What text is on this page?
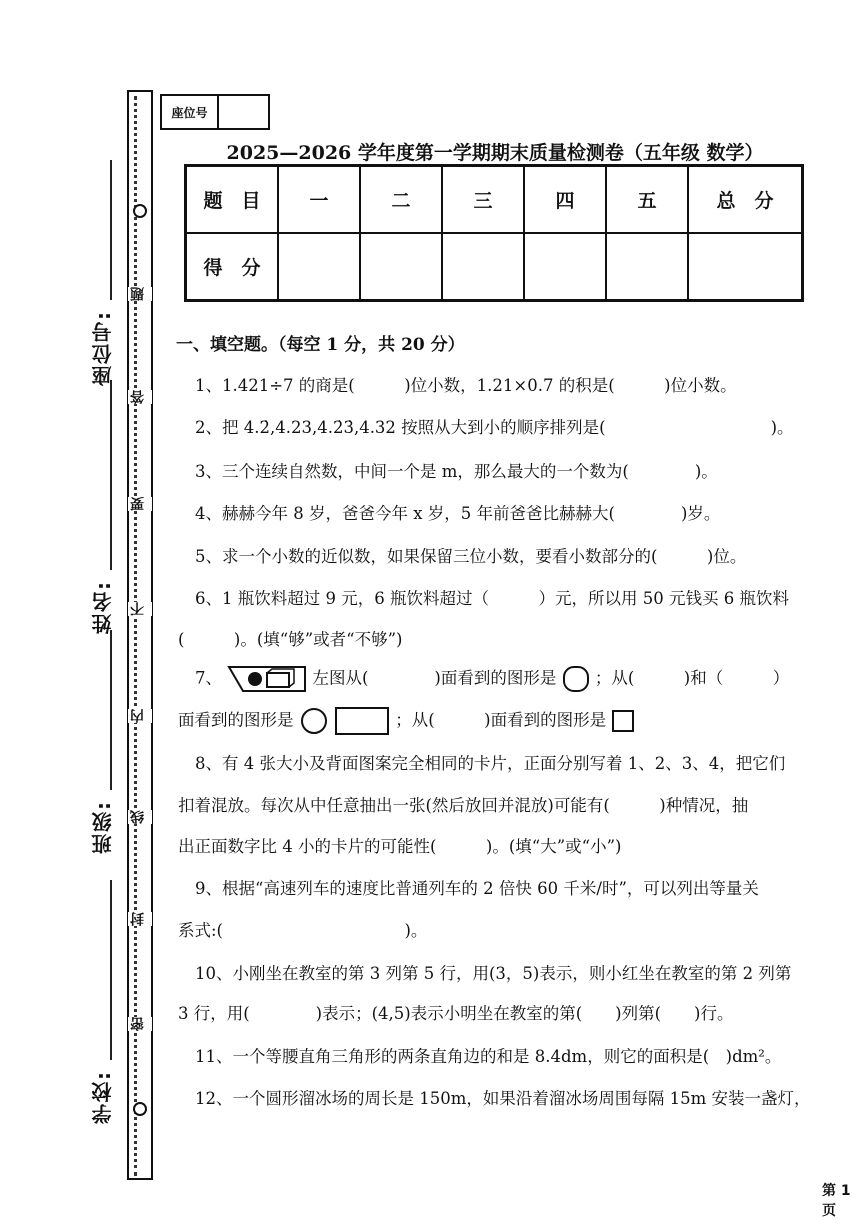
座位号:
姓名:
班级:
学校:
题
答
要
不
内
线
封
密
座位号
2025—2026 学年度第一学期期末质量检测卷（五年级 数学）
题　目	一	二	三	四	五	总　分
得　分						
一、填空题。（每空 1 分，共 20 分）
1、1.421÷7 的商是(　　　)位小数，1.21×0.7 的积是(　　　)位小数。
2、把 4.2̇,4.23,4.2̇3̇,4.32 按照从大到小的顺序排列是(　　　　　　　　　　)。
3、三个连续自然数，中间一个是 m，那么最大的一个数为(　　　　)。
4、赫赫今年 8 岁，爸爸今年 x 岁，5 年前爸爸比赫赫大(　　　　)岁。
5、求一个小数的近似数，如果保留三位小数，要看小数部分的(　　　)位。
6、1 瓶饮料超过 9 元，6 瓶饮料超过（　　　）元，所以用 50 元钱买 6 瓶饮料
(　　　)。(填“够”或者“不够”)
7、	左图从(　　　　)面看到的图形是 ；从(　　　)和（　　　）
面看到的图形是	；从(　　　)面看到的图形是
8、有 4 张大小及背面图案完全相同的卡片，正面分别写着 1、2、3、4，把它们
扣着混放。每次从中任意抽出一张(然后放回并混放)可能有(　　　)种情况，抽
出正面数字比 4 小的卡片的可能性(　　　)。(填“大”或“小”)
9、根据“高速列车的速度比普通列车的 2 倍快 60 千米/时”，可以列出等量关
系式:(　　　　　　　　　　　)。
10、小刚坐在教室的第 3 列第 5 行，用(3，5)表示，则小红坐在教室的第 2 列第
3 行，用(　　　　)表示；(4,5)表示小明坐在教室的第(　　)列第(　　)行。
11、一个等腰直角三角形的两条直角边的和是 8.4dm，则它的面积是(　)dm²。
12、一个圆形溜冰场的周长是 150m，如果沿着溜冰场周围每隔 15m 安装一盏灯，
第 1 页
